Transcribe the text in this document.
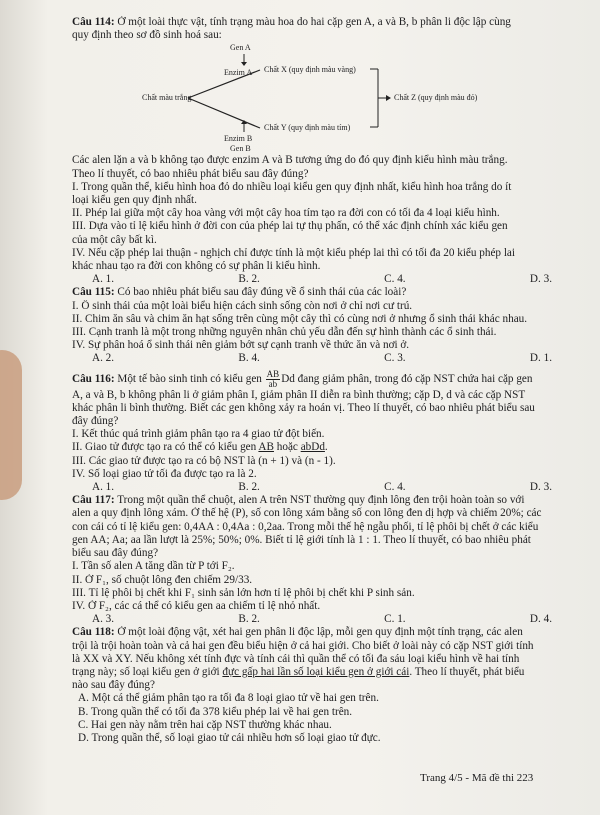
Câu 114: Ở một loài thực vật, tính trạng màu hoa do hai cặp gen A, a và B, b phân li độc lập cùng
quy định theo sơ đồ sinh hoá sau:
Gen A
Enzim A Chất X (quy định màu vàng)
Chất màu trắng	Chất Z (quy định màu đỏ)
Chất Y (quy định màu tím)
Enzim B
Gen B
Các alen lặn a và b không tạo được enzim A và B tương ứng do đó quy định kiểu hình màu trắng.
Theo lí thuyết, có bao nhiêu phát biểu sau đây đúng?
I. Trong quần thể, kiểu hình hoa đỏ do nhiều loại kiểu gen quy định nhất, kiểu hình hoa trắng do ít
loại kiểu gen quy định nhất.
II. Phép lai giữa một cây hoa vàng với một cây hoa tím tạo ra đời con có tối đa 4 loại kiểu hình.
III. Dựa vào tỉ lệ kiểu hình ở đời con của phép lai tự thụ phấn, có thể xác định chính xác kiểu gen
của một cây bất kì.
IV. Nếu cặp phép lai thuận - nghịch chỉ được tính là một kiểu phép lai thì có tối đa 20 kiểu phép lai
khác nhau tạo ra đời con không có sự phân li kiểu hình.
A. 1.	B. 2.	C. 4.	D. 3.
Câu 115: Có bao nhiêu phát biểu sau đây đúng về ổ sinh thái của các loài?
I. Ổ sinh thái của một loài biểu hiện cách sinh sống còn nơi ở chỉ nơi cư trú.
II. Chim ăn sâu và chim ăn hạt sống trên cùng một cây thì có cùng nơi ở nhưng ổ sinh thái khác nhau.
III. Cạnh tranh là một trong những nguyên nhân chủ yếu dẫn đến sự hình thành các ổ sinh thái.
IV. Sự phân hoá ổ sinh thái nên giảm bớt sự cạnh tranh về thức ăn và nơi ở.
A. 2.	B. 4.	C. 3.	D. 1.
Câu 116: Một tế bào sinh tinh có kiểu gen $\frac{AB}{ab}$ Dd đang giảm phân, trong đó cặp NST chứa hai cặp gen
A, a và B, b không phân li ở giảm phân I, giảm phân II diễn ra bình thường; cặp D, d và các cặp NST
khác phân li bình thường. Biết các gen không xảy ra hoán vị. Theo lí thuyết, có bao nhiêu phát biểu sau
đây đúng?
I. Kết thúc quá trình giảm phân tạo ra 4 giao tử đột biến.
II. Giao tử được tạo ra có thể có kiểu gen AB hoặc abDd.
III. Các giao tử được tạo ra có bộ NST là (n + 1) và (n - 1).
IV. Số loại giao tử tối đa được tạo ra là 2.
A. 1.	B. 2.	C. 4.	D. 3.
Câu 117: Trong một quần thể chuột, alen A trên NST thường quy định lông đen trội hoàn toàn so với
alen a quy định lông xám. Ở thế hệ (P), số con lông xám bằng số con lông đen dị hợp và chiếm 20%; các
con cái có tỉ lệ kiểu gen: 0,4AA : 0,4Aa : 0,2aa. Trong mỗi thế hệ ngẫu phối, tỉ lệ phôi bị chết ở các kiểu
gen AA; Aa; aa lần lượt là 25%; 50%; 0%. Biết tỉ lệ giới tính là 1 : 1. Theo lí thuyết, có bao nhiêu phát
biểu sau đây đúng?
I. Tần số alen A tăng dần từ P tới F₂.
II. Ở F₁, số chuột lông đen chiếm 29/33.
III. Tỉ lệ phôi bị chết khi F₁ sinh sản lớn hơn tỉ lệ phôi bị chết khi P sinh sản.
IV. Ở F₂, các cá thể có kiểu gen aa chiếm tỉ lệ nhỏ nhất.
A. 3.	B. 2.	C. 1.	D. 4.
Câu 118: Ở một loài động vật, xét hai gen phân li độc lập, mỗi gen quy định một tính trạng, các alen
trội là trội hoàn toàn và cả hai gen đều biểu hiện ở cả hai giới. Cho biết ở loài này có cặp NST giới tính
là XX và XY. Nếu không xét tính đực và tính cái thì quần thể có tối đa sáu loại kiểu hình về hai tính
trạng này; số loại kiểu gen ở giới đực gấp hai lần số loại kiểu gen ở giới cái. Theo lí thuyết, phát biểu
nào sau đây đúng?
A. Một cá thể giảm phân tạo ra tối đa 8 loại giao tử về hai gen trên.
B. Trong quần thể có tối đa 378 kiểu phép lai về hai gen trên.
C. Hai gen này nằm trên hai cặp NST thường khác nhau.
D. Trong quần thể, số loại giao tử cái nhiều hơn số loại giao tử đực.
Trang 4/5 - Mã đề thi 223
